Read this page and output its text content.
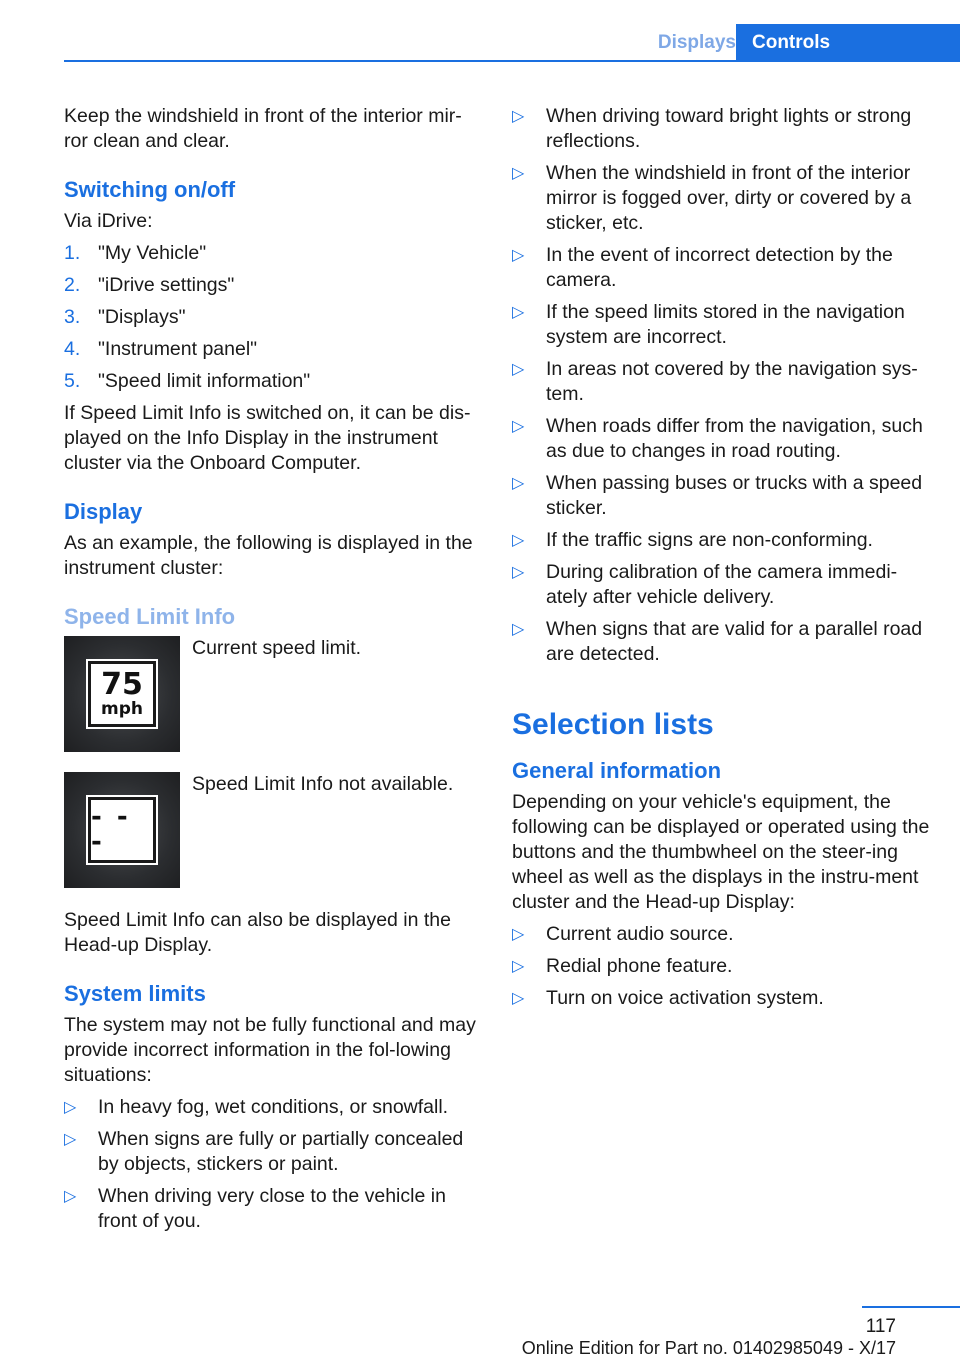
Displays Controls

Keep the windshield in front of the interior mir-ror clean and clear.

Switching on/off

Via iDrive:

1. "My Vehicle"
2. "iDrive settings"
3. "Displays"
4. "Instrument panel"
5. "Speed limit information"

If Speed Limit Info is switched on, it can be dis-played on the Info Display in the instrument cluster via the Onboard Computer.

Display

As an example, the following is displayed in the instrument cluster:

Speed Limit Info
75
mph
Current speed limit.
- - -
Speed Limit Info not available.

Speed Limit Info can also be displayed in the Head-up Display.

System limits

The system may not be fully functional and may provide incorrect information in the fol-lowing situations:

▷ In heavy fog, wet conditions, or snowfall.
▷ When signs are fully or partially concealed by objects, stickers or paint.
▷ When driving very close to the vehicle in front of you.
▷ When driving toward bright lights or strong reflections.
▷ When the windshield in front of the interior mirror is fogged over, dirty or covered by a sticker, etc.
▷ In the event of incorrect detection by the camera.
▷ If the speed limits stored in the navigation system are incorrect.
▷ In areas not covered by the navigation sys-tem.
▷ When roads differ from the navigation, such as due to changes in road routing.
▷ When passing buses or trucks with a speed sticker.
▷ If the traffic signs are non-conforming.
▷ During calibration of the camera immedi-ately after vehicle delivery.
▷ When signs that are valid for a parallel road are detected.
Selection lists
General information

Depending on your vehicle's equipment, the following can be displayed or operated using the buttons and the thumbwheel on the steer-ing wheel as well as the displays in the instru-ment cluster and the Head-up Display:

▷ Current audio source.
▷ Redial phone feature.
▷ Turn on voice activation system.
117
Online Edition for Part no. 01402985049 - X/17
